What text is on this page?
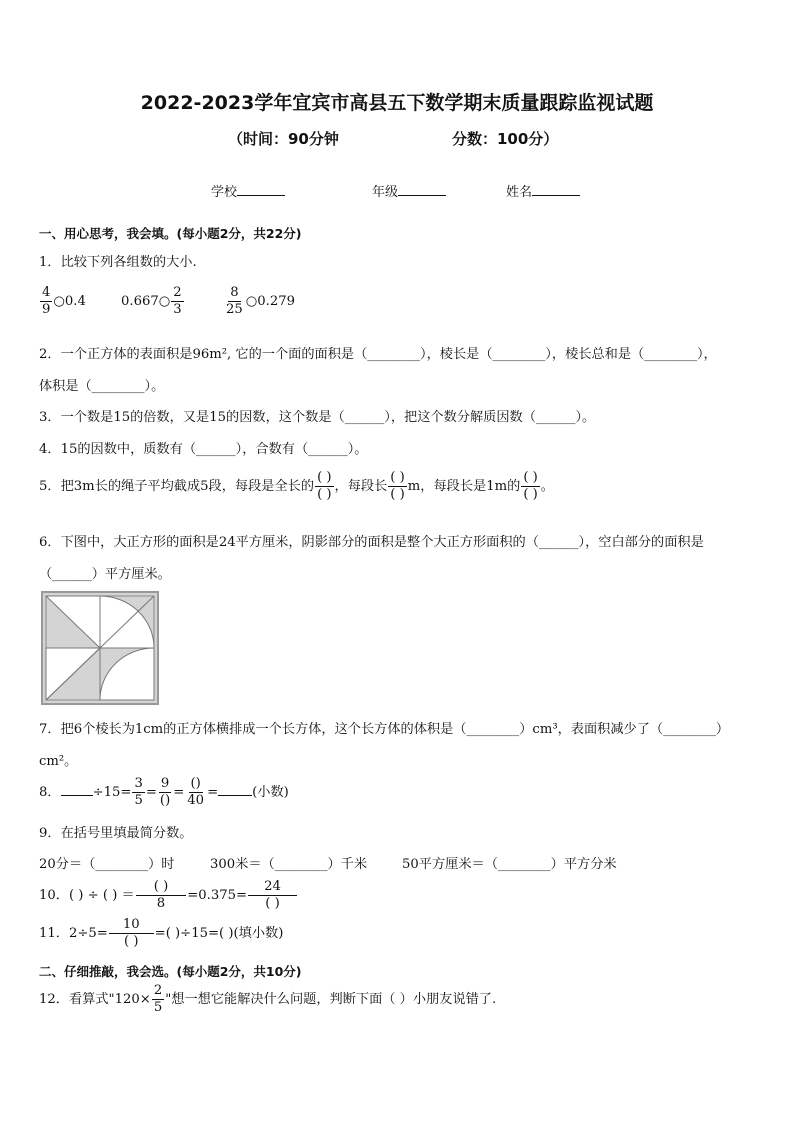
2022-2023学年宜宾市高县五下数学期末质量跟踪监视试题
（时间：90分钟	分数：100分）
学校	年级	姓名
一、用心思考，我会填。(每小题2分，共22分)
1．比较下列各组数的大小.
$\frac{4}{9}$ ○0.4	0.667○ $\frac{2}{3}$	$\frac{8}{25}$ ○0.279
2．一个正方体的表面积是96m², 它的一个面的面积是（________），棱长是（________），棱长总和是（________），
体积是（________）。
3．一个数是15的倍数，又是15的因数，这个数是（______），把这个数分解质因数（______）。
4．15的因数中，质数有（______），合数有（______）。
5．把3m长的绳子平均截成5段，每段是全长的 $\frac{( )}{( )}$ ，每段长 $\frac{( )}{( )}$ m，每段长是1m的 $\frac{( )}{( )}$ 。
6．下图中，大正方形的面积是24平方厘米，阴影部分的面积是整个大正方形面积的（______），空白部分的面积是
（______）平方厘米。
7．把6个棱长为1cm的正方体横排成一个长方体，这个长方体的体积是（________）cm³，表面积减少了（________）
cm²。
8． $\div 15= \frac{3}{5} = \frac{9}{()} = \frac{()}{40}$ =	(小数)
9．在括号里填最简分数。
20分＝（________）时	300米＝（________）千米	50平方厘米＝（________）平方分米
10．( ) ÷ ( ) ＝ $\frac{( )}{8} =0.375= \frac{24}{( )}$
11．$2\div 5= \frac{10}{( )}$ =( )÷15=( )(填小数)
二、仔细推敲，我会选。(每小题2分，共10分)
12．看算式"$120\times \frac{2}{5}$ "想一想它能解决什么问题，判断下面（ ）小朋友说错了.
